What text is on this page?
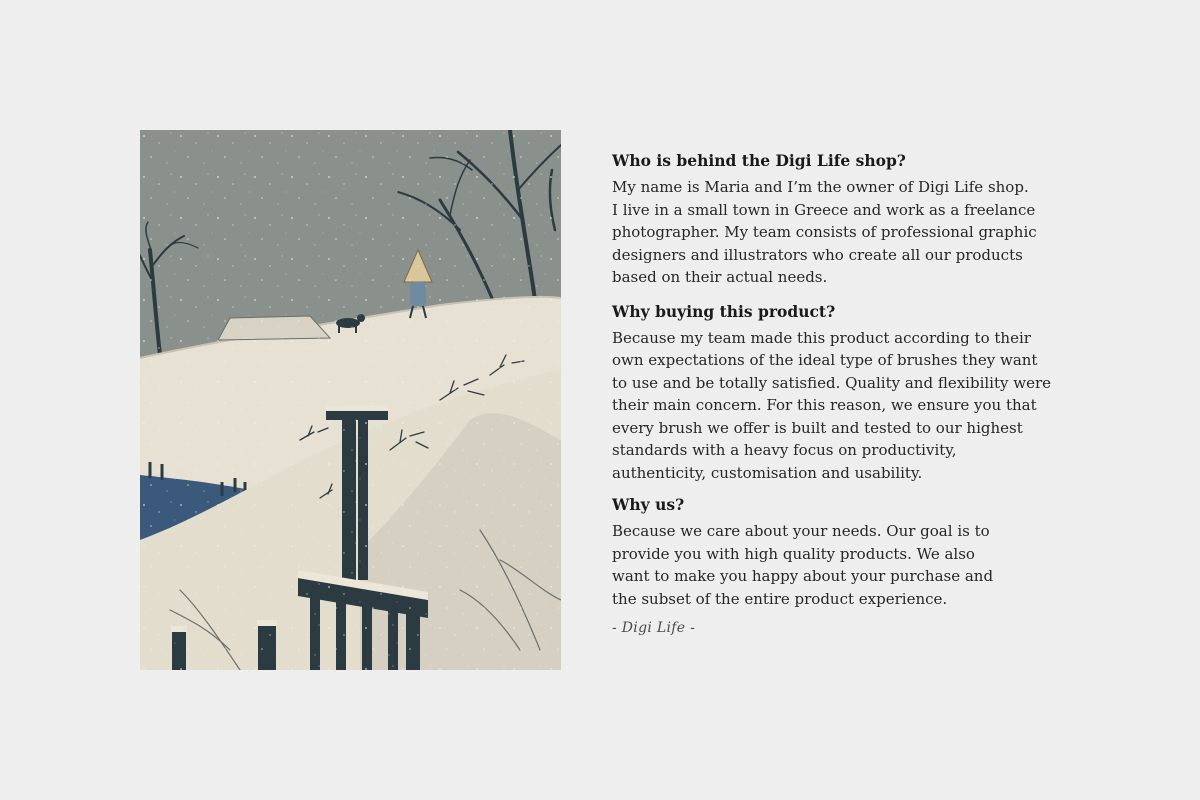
Who is behind the Digi Life shop?

My name is Maria and I’m the owner of Digi Life shop.
I live in a small town in Greece and work as a freelance
photographer. My team consists of professional graphic
designers and illustrators who create all our products
based on their actual needs.

Why buying this product?

Because my team made this product according to their
own expectations of the ideal type of brushes they want
to use and be totally satisfied. Quality and flexibility were
their main concern. For this reason, we ensure you that
every brush we offer is built and tested to our highest
standards with a heavy focus on productivity,
authenticity, customisation and usability.

Why us?

Because we care about your needs. Our goal is to
provide you with high quality products. We also
want to make you happy about your purchase and
the subset of the entire product experience.

- Digi Life -
